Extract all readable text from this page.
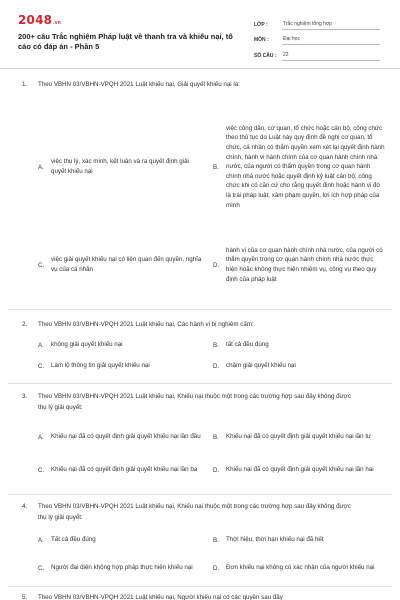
2048.vn
200+ câu Trắc nghiệm Pháp luật về thanh tra và khiếu nại, tố cáo có đáp án - Phần 5
LỚP :	Trắc nghiệm tổng hợp
MÔN :	Đại học
SỐ CÂU :	22
1. Theo VBHN 03/VBHN-VPQH 2021 Luật khiếu nại, Giải quyết khiếu nại là:
A.
việc thụ lý, xác minh, kết luận và ra quyết định giải quyết khiếu nại
B.
việc công dân, cơ quan, tổ chức hoặc cán bộ, công chức theo thủ tục do Luật này quy định đề nghị cơ quan, tổ chức, cá nhân có thẩm quyền xem xét lại quyết định hành chính, hành vi hành chính của cơ quan hành chính nhà nước, của người có thẩm quyền trong cơ quan hành chính nhà nước hoặc quyết định kỷ luật cán bộ, công chức khi có căn cứ cho rằng quyết định hoặc hành vi đó là trái pháp luật, xâm phạm quyền, lợi ích hợp pháp của mình
C.
việc giải quyết khiếu nại có liên quan đến quyền, nghĩa vụ của cá nhân
D.
hành vi của cơ quan hành chính nhà nước, của người có thẩm quyền trong cơ quan hành chính nhà nước thực hiện hoặc không thực hiện nhiệm vụ, công vụ theo quy định của pháp luật
2. Theo VBHN 03/VBHN-VPQH 2021 Luật khiếu nại, Các hành vi bị nghiêm cấm:
A.	không giải quyết khiếu nại	B.	tất cả đều đúng
C.	Làm lộ thông tin giải quyết khiếu nại	D.	chậm giải quyết khiếu nại
3. Theo VBHN 03/VBHN-VPQH 2021 Luật khiếu nại, Khiếu nại thuộc một trong các trường hợp sau đây không được thụ lý giải quyết:
A.	Khiếu nại đã có quyết định giải quyết khiếu nại lần đầu	B.	Khiếu nại đã có quyết định giải quyết khiếu nại lần tư
C.	Khiếu nại đã có quyết định giải quyết khiếu nại lần ba	D.	Khiếu nại đã có quyết định giải quyết khiếu nại lần hai
4. Theo VBHN 03/VBHN-VPQH 2021 Luật khiếu nại, Khiếu nại thuộc một trong các trường hợp sau đây không được thụ lý giải quyết:
A.	Tất cả đều đúng	B.	Thời hiệu, thời hạn khiếu nại đã hết
C.	Người đại diện không hợp pháp thực hiện khiếu nại	D.	Đơn khiếu nại không có xác nhận của người khiếu nại
5. Theo VBHN 03/VBHN-VPQH 2021 Luật khiếu nại, Người khiếu nại có các quyền sau đây
